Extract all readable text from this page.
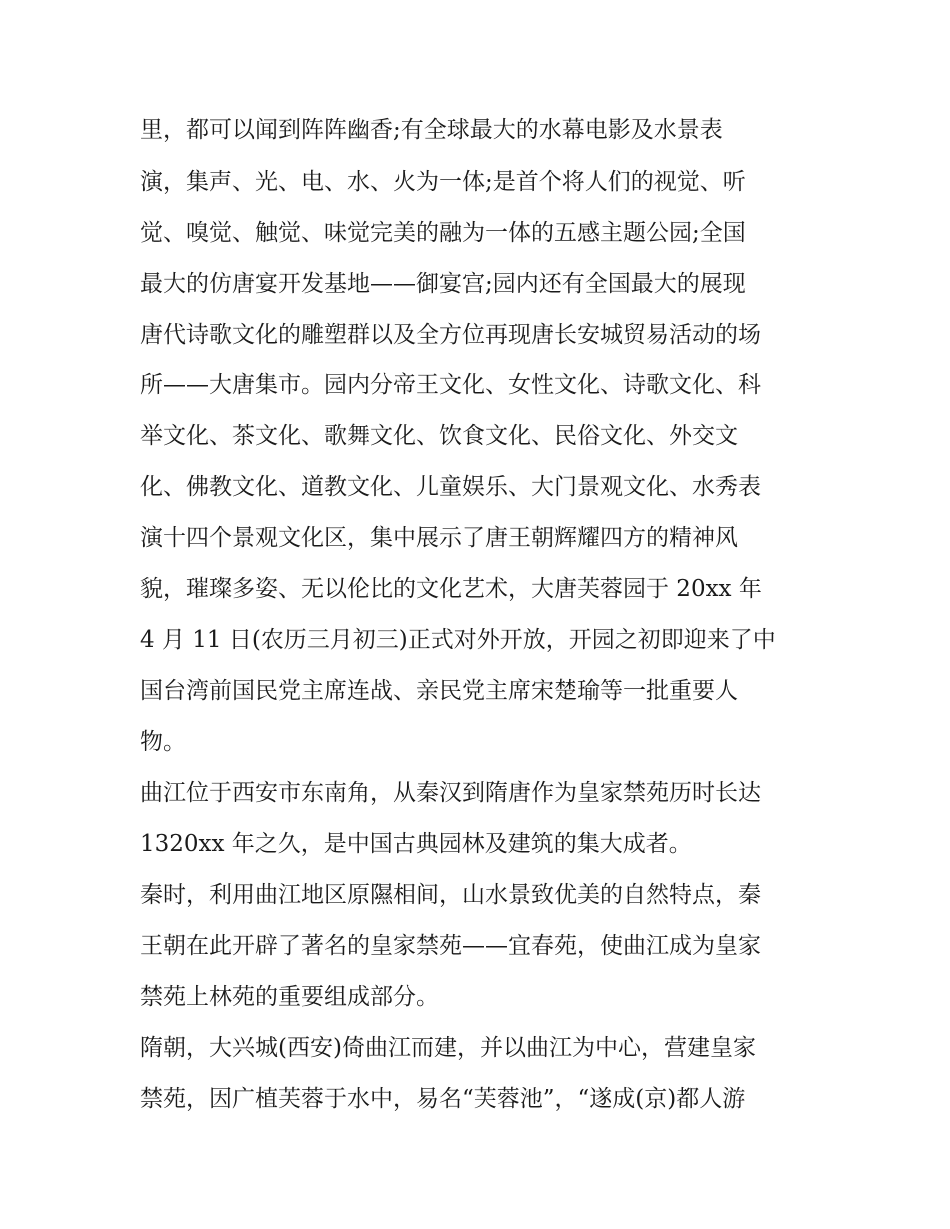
里，都可以闻到阵阵幽香;有全球最大的水幕电影及水景表
演，集声、光、电、水、火为一体;是首个将人们的视觉、听
觉、嗅觉、触觉、味觉完美的融为一体的五感主题公园;全国
最大的仿唐宴开发基地——御宴宫;园内还有全国最大的展现
唐代诗歌文化的雕塑群以及全方位再现唐长安城贸易活动的场
所——大唐集市。园内分帝王文化、女性文化、诗歌文化、科
举文化、茶文化、歌舞文化、饮食文化、民俗文化、外交文
化、佛教文化、道教文化、儿童娱乐、大门景观文化、水秀表
演十四个景观文化区，集中展示了唐王朝辉耀四方的精神风
貌，璀璨多姿、无以伦比的文化艺术，大唐芙蓉园于 20xx 年
4 月 11 日(农历三月初三)正式对外开放，开园之初即迎来了中
国台湾前国民党主席连战、亲民党主席宋楚瑜等一批重要人
物。
曲江位于西安市东南角，从秦汉到隋唐作为皇家禁苑历时长达
1320xx 年之久，是中国古典园林及建筑的集大成者。
秦时，利用曲江地区原隰相间，山水景致优美的自然特点，秦
王朝在此开辟了著名的皇家禁苑——宜春苑，使曲江成为皇家
禁苑上林苑的重要组成部分。
隋朝，大兴城(西安)倚曲江而建，并以曲江为中心，营建皇家
禁苑，因广植芙蓉于水中，易名“芙蓉池”，“遂成(京)都人游
